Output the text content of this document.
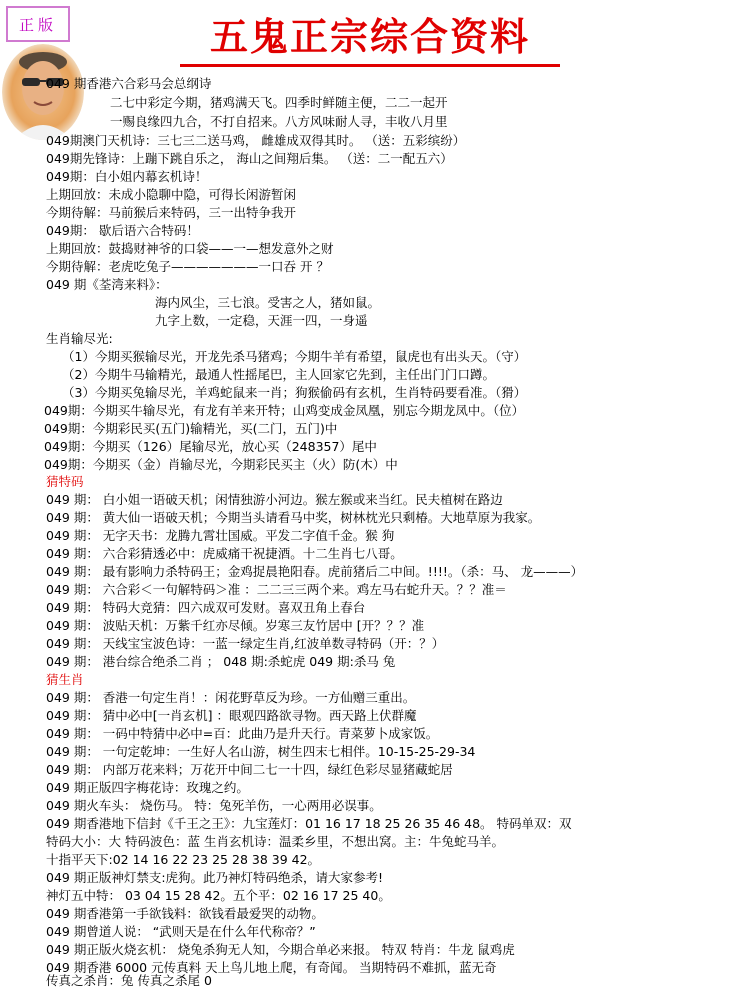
正版	五鬼正宗综合资料
049 期香港六合彩马会总纲诗
二七中彩定今期，猪鸡满天飞。四季时鲜随主便，二二一起开
一赐良缘四九合，不打自招来。八方风味耐人寻，丰收八月里
049期澳门天机诗：三七三二送马鸡， 雌雄成双得其时。 （送：五彩缤纷）
049期先锋诗：上蹦下跳自乐之， 海山之间翔后集。 （送：二一配五六）
049期：白小姐内幕玄机诗！
上期回放：未成小隐聊中隐，可得长闲游暂闲
今期待解：马前猴后来特码，三一出特争我开
049期： 歇后语六合特码！
上期回放：鼓捣财神爷的口袋——一—想发意外之财
今期待解：老虎吃兔子———————一口吞 开 ？
049 期《荃湾来料》：
海内风尘，三七浪。受害之人，猪如鼠。
九字上数，一定稳，天涯一四，一身遥
生肖输尽光:
（1）今期买猴输尽光，开龙先杀马猪鸡；今期牛羊有希望，鼠虎也有出头天。（守）
（2）今期牛马输精光，最通人性摇尾巴，主人回家它先到，主任出门门口蹲。
（3）今期买兔输尽光，羊鸡蛇鼠来一肖；狗猴偷码有玄机，生肖特码要看准。（猾）
049期：今期买牛输尽光，有龙有羊来开特；山鸡变成金凤凰，别忘今期龙凤中。（位）
049期：今期彩民买(五门)输精光，买(二门，五门)中
049期：今期买（126）尾输尽光，放心买（248357）尾中
049期：今期买（金）肖输尽光，今期彩民买主（火）防(木）中
猜特码
049 期： 白小姐一语破天机；闲情独游小河边。猴左猴或来当红。民夫植树在路边
049 期： 黄大仙一语破天机；今期当头请看马中奖，树林枕光只剩椿。大地草原为我家。
049 期： 无字天书：龙腾九霄壮国威。平发二字值千金。猴 狗
049 期： 六合彩猜透必中：虎威痛干祝捷酒。十二生肖七八哥。
049 期： 最有影响力杀特码王；金鸡捉晨艳阳春。虎前猪后二中间。!!!!。（杀：马、 龙———）
049 期： 六合彩＜一句解特码＞准 ：二二三三两个来。鸡左马右蛇升天。？？准＝
049 期： 特码大竞猜：四六成双可发财。喜双丑角上春台
049 期： 波贴天机：万紫千红亦尽倾。岁寒三友竹居中 [开？？？准
049 期： 天线宝宝波色诗：一蓝一绿定生肖,红波单数寻特码（开：？）
049 期： 港台综合绝杀二肖 ； 048 期:杀蛇虎 049 期:杀马 兔
猜生肖
049 期： 香港一句定生肖！：闲花野草反为珍。一方仙赠三重出。
049 期： 猜中必中[一肖玄机] ：眼观四路欲寻物。西天路上伏群魔
049 期： 一码中特猜中必中=百：此曲乃是升天行。青菜萝卜成家饭。
049 期： 一句定乾坤：一生好人名山游，树生四末七相伴。10-15-25-29-34
049 期： 内部万花来料；万花开中间二七一十四，绿红色彩尽显猪藏蛇居
049 期正版四字梅花诗：玫瑰之约。
049 期火车头： 烧伤马。 特：兔死羊伤，一心两用必误事。
049 期香港地下信封《千王之王》：九宝莲灯：01 16 17 18 25 26 35 46 48。 特码单双：双
特码大小：大 特码波色：蓝 生肖玄机诗：温柔乡里，不想出窝。主：牛兔蛇马羊。
十指平天下:02 14 16 22 23 25 28 38 39 42。
049 期正版神灯禁支:虎狗。此乃神灯特码绝杀，请大家参考!
神灯五中特： 03 04 15 28 42。五个平：02 16 17 25 40。
049 期香港第一手欲钱料：欲钱看最爱哭的动物。
049 期曾道人说： “武则天是在什么年代称帝？”
049 期正版火烧玄机： 烧兔杀狗无人知，今期合单必来报。 特双 特肖：牛龙 鼠鸡虎
049 期香港 6000 元传真料 天上鸟儿地上爬，有奇闻。 当期特码不难抓，蓝无奇
传真之杀肖：兔 传真之杀尾 0
